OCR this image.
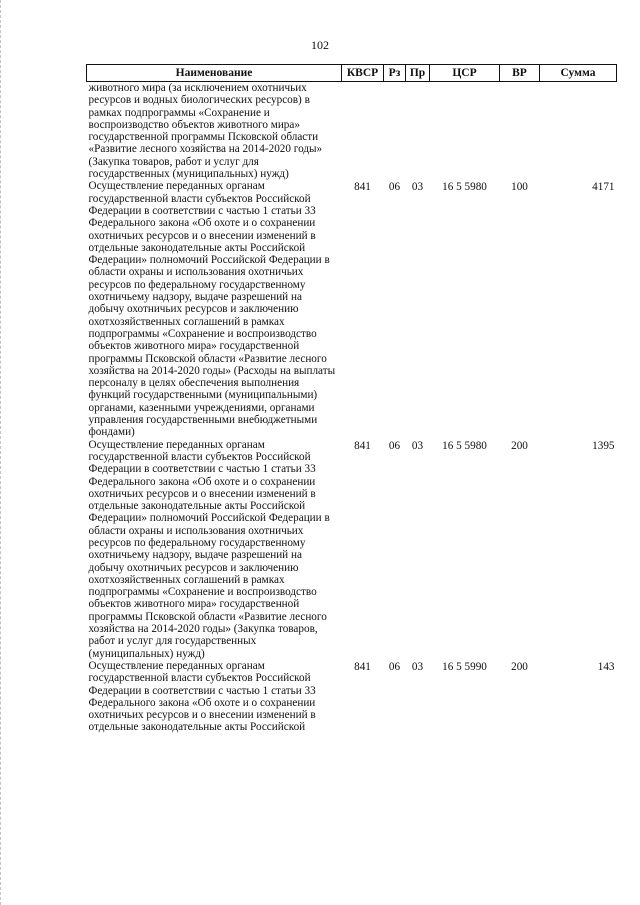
102
Наименование	КВСР	Рз	Пр	ЦСР	ВР	Сумма
животного мира (за исключением охотничьих ресурсов и водных биологических ресурсов) в рамках подпрограммы «Сохранение и воспроизводство объектов животного мира» государственной программы Псковской области «Развитие лесного хозяйства на 2014-2020 годы» (Закупка товаров, работ и услуг для государственных (муниципальных) нужд)						
Осуществление переданных органам государственной власти субъектов Российской Федерации в соответствии с частью 1 статьи 33 Федерального закона «Об охоте и о сохранении охотничьих ресурсов и о внесении изменений в отдельные законодательные акты Российской Федерации» полномочий Российской Федерации в области охраны и использования охотничьих ресурсов по федеральному государственному охотничьему надзору, выдаче разрешений на добычу охотничьих ресурсов и заключению охотхозяйственных соглашений в рамках подпрограммы «Сохранение и воспроизводство объектов животного мира» государственной программы Псковской области «Развитие лесного хозяйства на 2014-2020 годы» (Расходы на выплаты персоналу в целях обеспечения выполнения функций государственными (муниципальными) органами, казенными учреждениями, органами управления государственными внебюджетными фондами)	841	06	03	16 5 5980	100	4171
Осуществление переданных органам государственной власти субъектов Российской Федерации в соответствии с частью 1 статьи 33 Федерального закона «Об охоте и о сохранении охотничьих ресурсов и о внесении изменений в отдельные законодательные акты Российской Федерации» полномочий Российской Федерации в области охраны и использования охотничьих ресурсов по федеральному государственному охотничьему надзору, выдаче разрешений на добычу охотничьих ресурсов и заключению охотхозяйственных соглашений в рамках подпрограммы «Сохранение и воспроизводство объектов животного мира» государственной программы Псковской области «Развитие лесного хозяйства на 2014-2020 годы» (Закупка товаров, работ и услуг для государственных (муниципальных) нужд)	841	06	03	16 5 5980	200	1395
Осуществление переданных органам государственной власти субъектов Российской Федерации в соответствии с частью 1 статьи 33 Федерального закона «Об охоте и о сохранении охотничьих ресурсов и о внесении изменений в отдельные законодательные акты Российской	841	06	03	16 5 5990	200	143
